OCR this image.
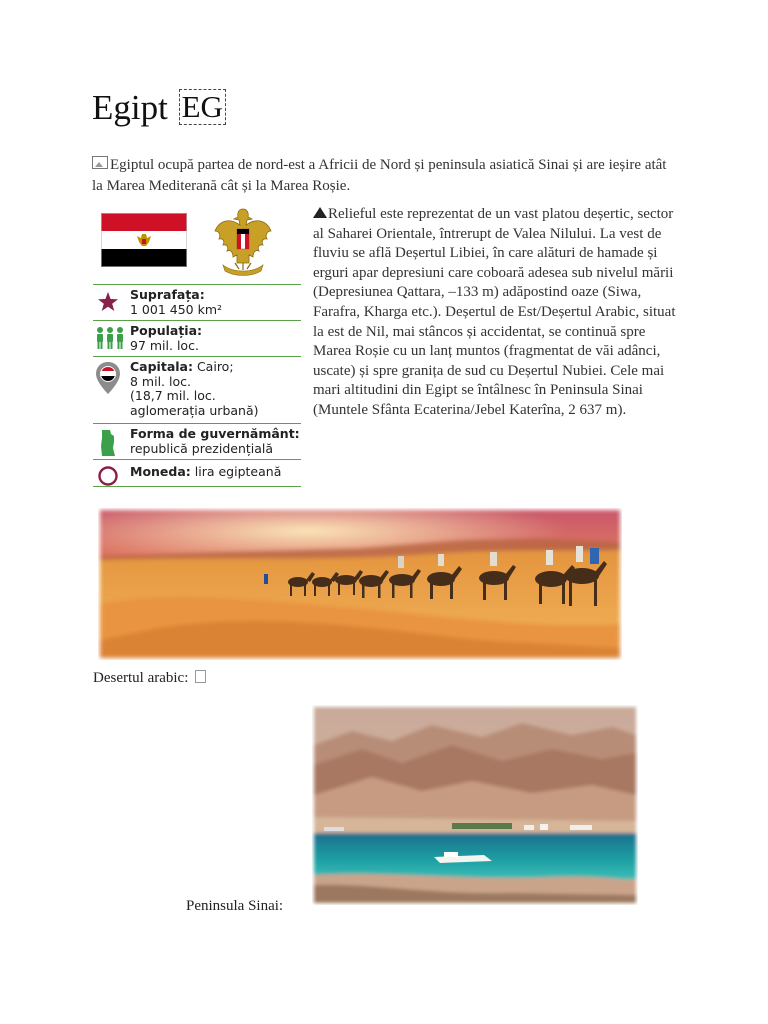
Egipt EG
Egiptul ocupă partea de nord-est a Africii de Nord și peninsula asiatică Sinai și are ieșire atât la Marea Mediterană cât și la Marea Roșie.
Suprafața:
1 001 450 km²
Populația:
97 mil. loc.
Capitala: Cairo;
8 mil. loc.
(18,7 mil. loc.
aglomerația urbană)
Forma de guvernământ:
republică prezidențială
Moneda: lira egipteană
Relieful este reprezentat de un vast platou deșertic, sector al Saharei Orientale, întrerupt de Valea Nilului. La vest de fluviu se află Deșertul Libiei, în care alături de hamade și erguri apar depresiuni care coboară adesea sub nivelul mării (Depresiunea Qattara, –133 m) adăpostind oaze (Siwa, Farafra, Kharga etc.). Deșertul de Est/Deșertul Arabic, situat la est de Nil, mai stâncos și accidentat, se continuă spre Marea Roșie cu un lanț muntos (fragmentat de văi adânci, uscate) și spre granița de sud cu Deșertul Nubiei. Cele mai mari altitudini din Egipt se întâlnesc în Peninsula Sinai (Muntele Sfânta Ecaterina/Jebel Katerîna, 2 637 m).
Desertul arabic:
Peninsula Sinai:
